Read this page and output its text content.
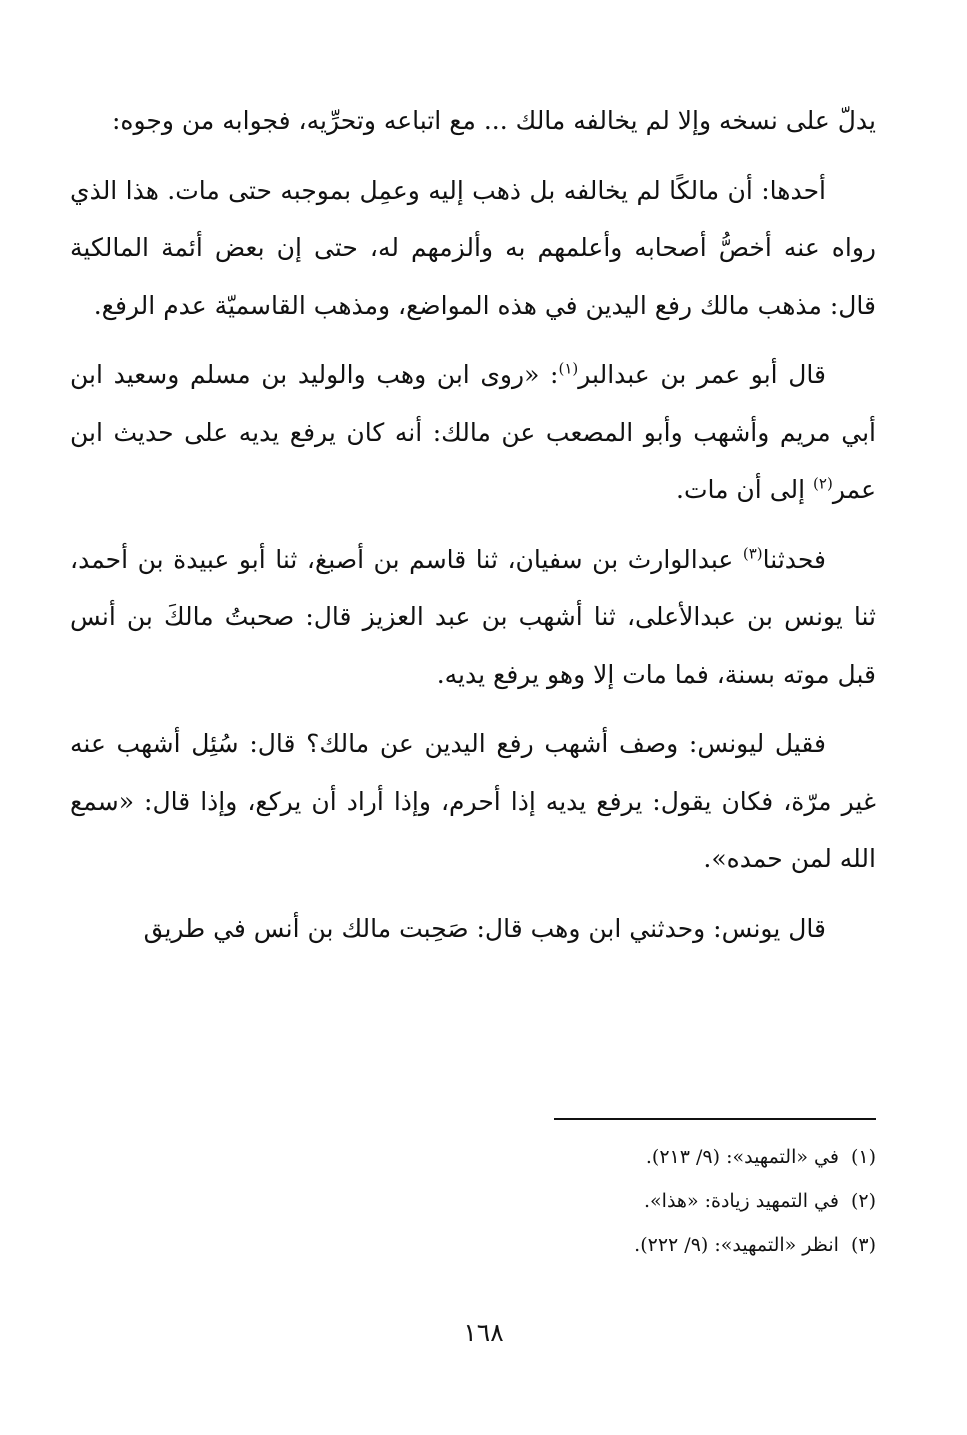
يدلّ على نسخه وإلا لم يخالفه مالك ... مع اتباعه وتحرِّيه، فجوابه من وجوه:

أحدها: أن مالكًا لم يخالفه بل ذهب إليه وعمِل بموجبه حتى مات. هذا الذي رواه عنه أخصُّ أصحابه وأعلمهم به وألزمهم له، حتى إن بعض أئمة المالكية قال: مذهب مالك رفع اليدين في هذه المواضع، ومذهب القاسميّة عدم الرفع.

قال أبو عمر بن عبدالبر$^{(١)}$: «روى ابن وهب والوليد بن مسلم وسعيد ابن أبي مريم وأشهب وأبو المصعب عن مالك: أنه كان يرفع يديه على حديث ابن عمر$^{(٢)}$ إلى أن مات.

فحدثنا$^{(٣)}$ عبدالوارث بن سفيان، ثنا قاسم بن أصبغ، ثنا أبو عبيدة بن أحمد، ثنا يونس بن عبدالأعلى، ثنا أشهب بن عبد العزيز قال: صحبتُ مالكَ بن أنس قبل موته بسنة، فما مات إلا وهو يرفع يديه.

فقيل ليونس: وصف أشهب رفع اليدين عن مالك؟ قال: سُئِل أشهب عنه غير مرّة، فكان يقول: يرفع يديه إذا أحرم، وإذا أراد أن يركع، وإذا قال: «سمع الله لمن حمده».

قال يونس: وحدثني ابن وهب قال: صَحِبت مالك بن أنس في طريق

(١)في «التمهيد»: (٩/ ٢١٣).

(٢)في التمهيد زيادة: «هذا».

(٣)انظر «التمهيد»: (٩/ ٢٢٢).

١٦٨
